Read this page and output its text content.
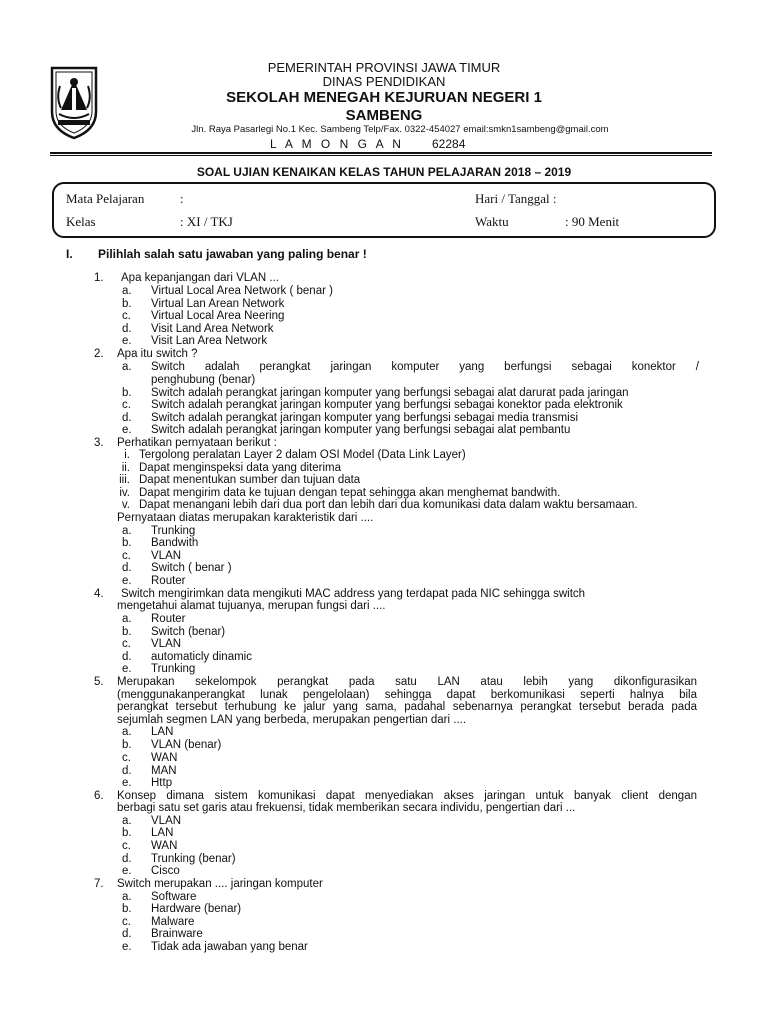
PEMERINTAH PROVINSI JAWA TIMUR
DINAS PENDIDIKAN
SEKOLAH MENEGAH KEJURUAN NEGERI 1
SAMBENG
Jln. Raya Pasarlegi No.1 Kec. Sambeng Telp/Fax. 0322-454027 email:smkn1sambeng@gmail.com
L A M O N G A N 62284
SOAL UJIAN KENAIKAN KELAS TAHUN PELAJARAN 2018 – 2019
Mata Pelajaran	:	Hari / Tanggal :
Kelas	: XI / TKJ	Waktu	: 90 Menit
I. Pilihlah salah satu jawaban yang paling benar !
1. Apa kepanjangan dari VLAN ...
a. Virtual Local Area Network ( benar )
b. Virtual Lan Arean Network
c. Virtual Local Area Neering
d. Visit Land Area Network
e. Visit Lan Area Network
2. Apa itu switch ?
a. Switch adalah perangkat jaringan komputer yang berfungsi sebagai konektor /
penghubung (benar)
b. Switch adalah perangkat jaringan komputer yang berfungsi sebagai alat darurat pada jaringan
c. Switch adalah perangkat jaringan komputer yang berfungsi sebagai konektor pada elektronik
d. Switch adalah perangkat jaringan komputer yang berfungsi sebagai media transmisi
e. Switch adalah perangkat jaringan komputer yang berfungsi sebagai alat pembantu
3. Perhatikan pernyataan berikut :
i. Tergolong peralatan Layer 2 dalam OSI Model (Data Link Layer)
ii. Dapat menginspeksi data yang diterima
iii. Dapat menentukan sumber dan tujuan data
iv. Dapat mengirim data ke tujuan dengan tepat sehingga akan menghemat bandwith.
v. Dapat menangani lebih dari dua port dan lebih dari dua komunikasi data dalam waktu bersamaan.
Pernyataan diatas merupakan karakteristik dari ....
a. Trunking
b. Bandwith
c. VLAN
d. Switch ( benar )
e. Router
4. Switch mengirimkan data mengikuti MAC address yang terdapat pada NIC sehingga switch
mengetahui alamat tujuanya, merupan fungsi dari ....
a. Router
b. Switch (benar)
c. VLAN
d. automaticly dinamic
e. Trunking
5. Merupakan sekelompok perangkat pada satu LAN atau lebih yang dikonfigurasikan
(menggunakanperangkat lunak pengelolaan) sehingga dapat berkomunikasi seperti halnya bila
perangkat tersebut terhubung ke jalur yang sama, padahal sebenarnya perangkat tersebut berada pada
sejumlah segmen LAN yang berbeda, merupakan pengertian dari ....
a. LAN
b. VLAN (benar)
c. WAN
d. MAN
e. Http
6. Konsep dimana sistem komunikasi dapat menyediakan akses jaringan untuk banyak client dengan
berbagi satu set garis atau frekuensi, tidak memberikan secara individu, pengertian dari ...
a. VLAN
b. LAN
c. WAN
d. Trunking (benar)
e. Cisco
7. Switch merupakan .... jaringan komputer
a. Software
b. Hardware (benar)
c. Malware
d. Brainware
e. Tidak ada jawaban yang benar
